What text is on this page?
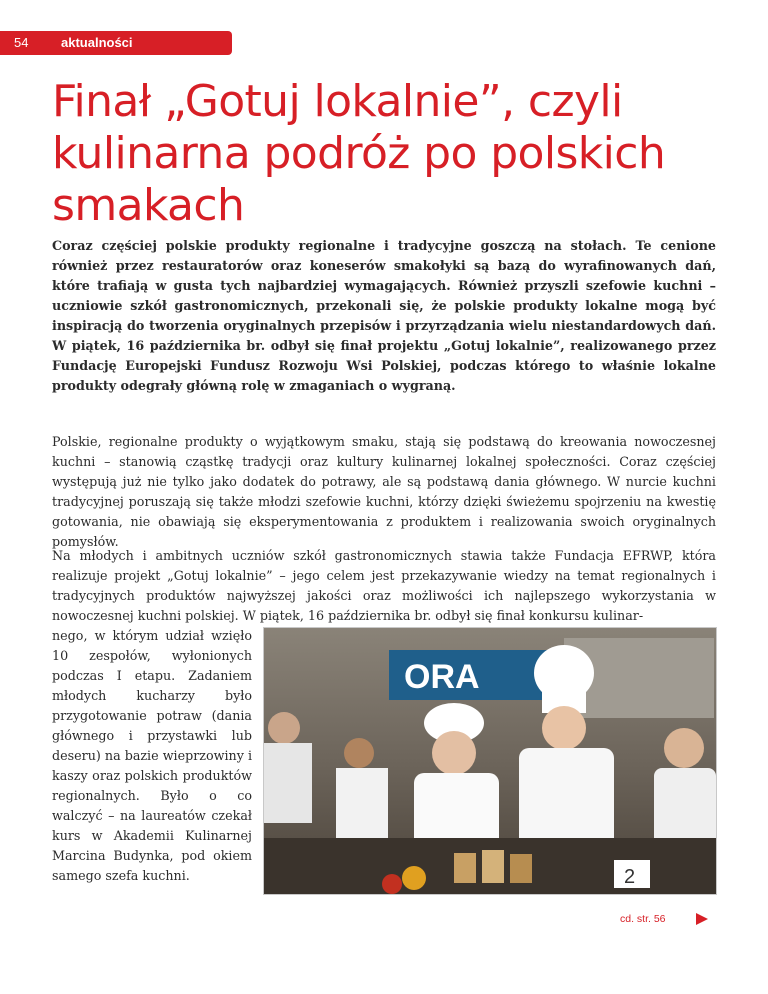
54	aktualności
Finał „Gotuj lokalnie”, czyli kulinarna podróż po polskich smakach

Coraz częściej polskie produkty regionalne i tradycyjne goszczą na stołach. Te cenione również przez restauratorów oraz koneserów smakołyki są bazą do wyrafinowanych dań, które trafiają w gusta tych najbardziej wymagających. Również przyszli szefowie kuchni – uczniowie szkół gastronomicznych, przekonali się, że polskie produkty lokalne mogą być inspiracją do tworzenia oryginalnych przepisów i przyrządzania wielu niestandardowych dań. W piątek, 16 października br. odbył się finał projektu „Gotuj lokalnie”, realizowanego przez Fundację Europejski Fundusz Rozwoju Wsi Polskiej, podczas którego to właśnie lokalne produkty odegrały główną rolę w zmaganiach o wygraną.

Polskie, regionalne produkty o wyjątkowym smaku, stają się podstawą do kreowania nowoczesnej kuchni – stanowią cząstkę tradycji oraz kultury kulinarnej lokalnej społeczności. Coraz częściej występują już nie tylko jako dodatek do potrawy, ale są podstawą dania głównego. W nurcie kuchni tradycyjnej poruszają się także młodzi szefowie kuchni, którzy dzięki świeżemu spojrzeniu na kwestię gotowania, nie obawiają się eksperymentowania z produktem i realizowania swoich oryginalnych pomysłów.

Na młodych i ambitnych uczniów szkół gastronomicznych stawia także Fundacja EFRWP, która realizuje projekt „Gotuj lokalnie” – jego celem jest przekazywanie wiedzy na temat regionalnych i tradycyjnych produktów najwyższej jakości oraz możliwości ich najlepszego wykorzystania w nowoczesnej kuchni polskiej. W piątek, 16 października br. odbył się finał konkursu kulinar-

nego, w którym udział wzięło 10 zespołów, wyłonionych podczas I etapu. Zadaniem młodych kucharzy było przygotowanie potraw (dania głównego i przystawki lub deseru) na bazie wieprzowiny i kaszy oraz polskich produktów regionalnych. Było o co walczyć – na laureatów czekał kurs w Akademii Kulinarnej Marcina Budynka, pod okiem samego szefa kuchni.

ORA
2
cd. str. 56
